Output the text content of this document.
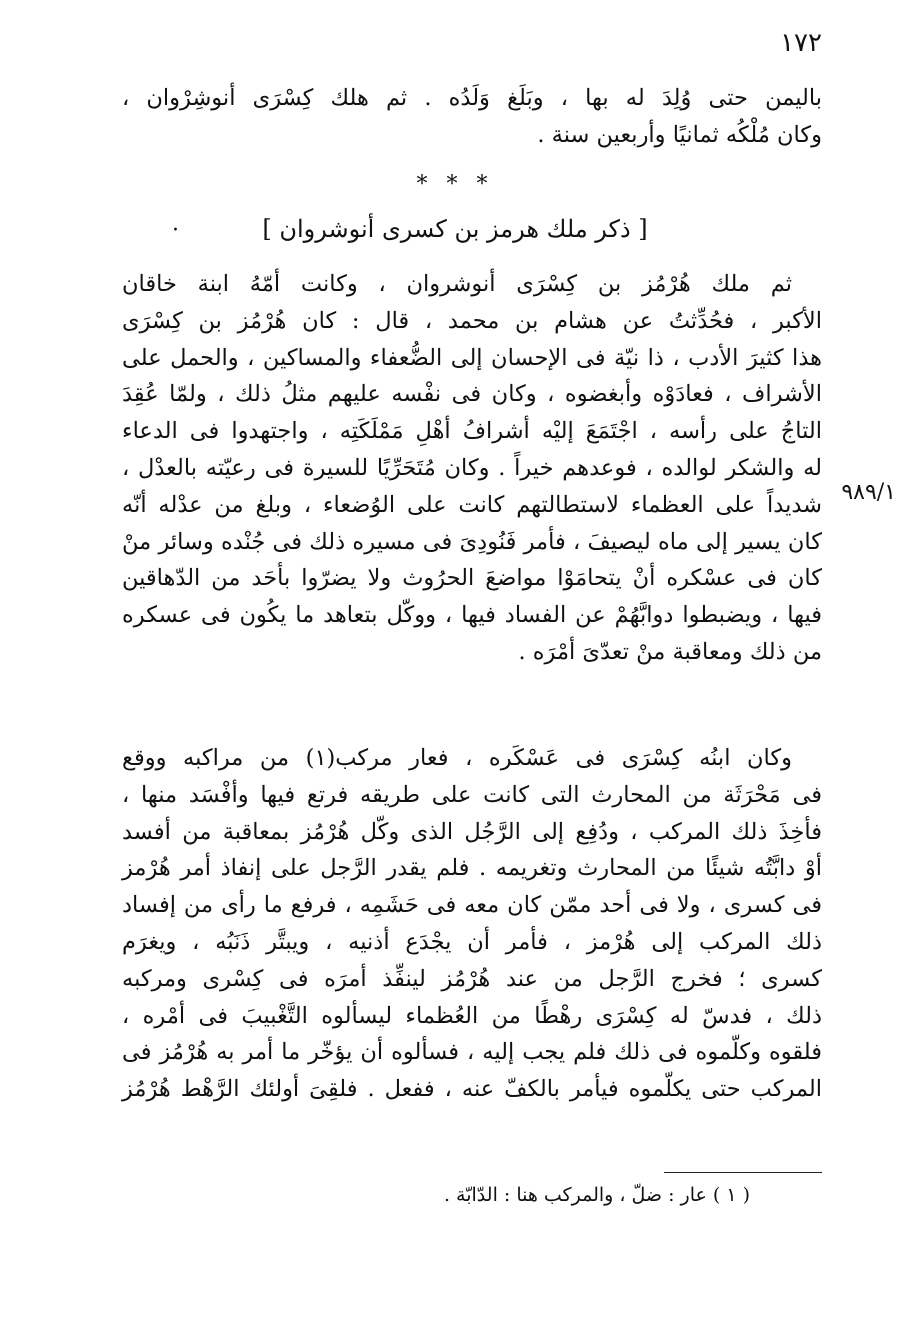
١٧٢
باليمن حتى وُلِدَ له بها ، وبَلَغ وَلَدُه . ثم هلك كِسْرَى أنوشِرْوان ،
وكان مُلْكُه ثمانيًا وأربعين سنة .
* * *
[ ذكر ملك هرمز بن كسرى أنوشروان ]
·
ثم ملك هُرْمُز بن كِسْرَى أنوشروان ، وكانت أمّهُ ابنة خاقان
الأكبر ، فحُدِّثتُ عن هشام بن محمد ، قال : كان هُرْمُز بن كِسْرَى
هذا كثيرَ الأدب ، ذا نيّة فى الإحسان إلى الضُّعفاء والمساكين ، والحمل على
الأشراف ، فعادَوْه وأبغضوه ، وكان فى نفْسه عليهم مثلُ ذلك ، ولمّا عُقِدَ
التاجُ على رأسه ، اجْتَمَعَ إليْه أشرافُ أهْلِ مَمْلَكَتِه ، واجتهدوا فى الدعاء
له والشكر لوالده ، فوعدهم خيراً . وكان مُتَحَرِّيًا للسيرة فى رعيّته بالعدْل ،
شديداً على العظماء لاستطالتهم كانت على الوُضعاء ، وبلغ من عدْله أنّه
كان يسير إلى ماه ليصيفَ ، فأمر فَنُودِىَ فى مسيره ذلك فى جُنْده وسائر منْ
كان فى عسْكره أنْ يتحامَوْا مواضعَ الحرُوث ولا يضرّوا بأحَد من الدّهاقين
فيها ، ويضبطوا دوابَّهُمْ عن الفساد فيها ، ووكّل بتعاهد ما يكُون فى عسكره
من ذلك ومعاقبة منْ تعدّىَ أمْرَه .
٩٨٩/١
وكان ابنُه كِسْرَى فى عَسْكَره ، فعار مركب(١) من مراكبه ووقع
فى مَحْرَثَة من المحارث التى كانت على طريقه فرتع فيها وأفْسَد منها ،
فأخِذَ ذلك المركب ، ودُفِع إلى الرَّجُل الذى وكّل هُرْمُز بمعاقبة من أفسد
أوْ دابَّتُه شيئًا من المحارث وتغريمه . فلم يقدر الرَّجل على إنفاذ أمر هُرْمز
فى كسرى ، ولا فى أحد ممّن كان معه فى حَشَمِه ، فرفع ما رأى من إفساد
ذلك المركب إلى هُرْمز ، فأمر أن يجْدَع أذنيه ، ويبتَّر ذَنَبُه ، ويغرَم
كسرى ؛ فخرج الرَّجل من عند هُرْمُز لينفِّذ أمرَه فى كِسْرى ومركبه
ذلك ، فدسّ له كِسْرَى رهْطًا من العُظماء ليسألوه التَّغْبيبَ فى أمْره ،
فلقوه وكلّموه فى ذلك فلم يجب إليه ، فسألوه أن يؤخّر ما أمر به هُرْمُز فى
المركب حتى يكلّموه فيأمر بالكفّ عنه ، ففعل . فلقِىَ أولئك الرَّهْط هُرْمُز
( ١ ) عار : ضلّ ، والمركب هنا : الدّابّة .
